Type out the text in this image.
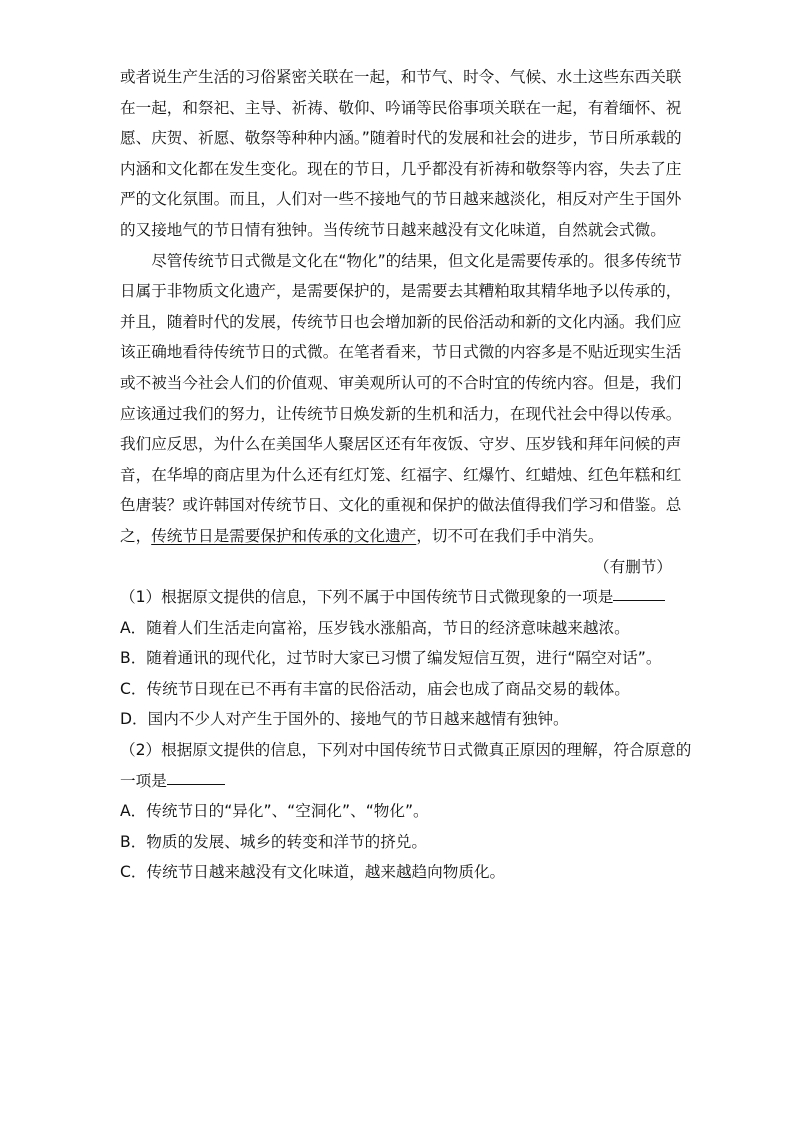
或者说生产生活的习俗紧密关联在一起，和节气、时令、气候、水土这些东西关联在一起，和祭祀、主导、祈祷、敬仰、吟诵等民俗事项关联在一起，有着缅怀、祝愿、庆贺、祈愿、敬祭等种种内涵。”随着时代的发展和社会的进步，节日所承载的内涵和文化都在发生变化。现在的节日，几乎都没有祈祷和敬祭等内容，失去了庄严的文化氛围。而且，人们对一些不接地气的节日越来越淡化，相反对产生于国外的又接地气的节日情有独钟。当传统节日越来越没有文化味道，自然就会式微。

尽管传统节日式微是文化在“物化”的结果，但文化是需要传承的。很多传统节日属于非物质文化遗产，是需要保护的，是需要去其糟粕取其精华地予以传承的，并且，随着时代的发展，传统节日也会增加新的民俗活动和新的文化内涵。我们应该正确地看待传统节日的式微。在笔者看来，节日式微的内容多是不贴近现实生活或不被当今社会人们的价值观、审美观所认可的不合时宜的传统内容。但是，我们应该通过我们的努力，让传统节日焕发新的生机和活力，在现代社会中得以传承。我们应反思，为什么在美国华人聚居区还有年夜饭、守岁、压岁钱和拜年问候的声音，在华埠的商店里为什么还有红灯笼、红福字、红爆竹、红蜡烛、红色年糕和红色唐装？或许韩国对传统节日、文化的重视和保护的做法值得我们学习和借鉴。总之，传统节日是需要保护和传承的文化遗产，切不可在我们手中消失。

（有删节）

（1）根据原文提供的信息，下列不属于中国传统节日式微现象的一项是

A．随着人们生活走向富裕，压岁钱水涨船高，节日的经济意味越来越浓。

B．随着通讯的现代化，过节时大家已习惯了编发短信互贺，进行“隔空对话”。

C．传统节日现在已不再有丰富的民俗活动，庙会也成了商品交易的载体。

D．国内不少人对产生于国外的、接地气的节日越来越情有独钟。

（2）根据原文提供的信息，下列对中国传统节日式微真正原因的理解，符合原意的一项是

A．传统节日的“异化”、“空洞化”、“物化”。

B．物质的发展、城乡的转变和洋节的挤兑。

C．传统节日越来越没有文化味道，越来越趋向物质化。
